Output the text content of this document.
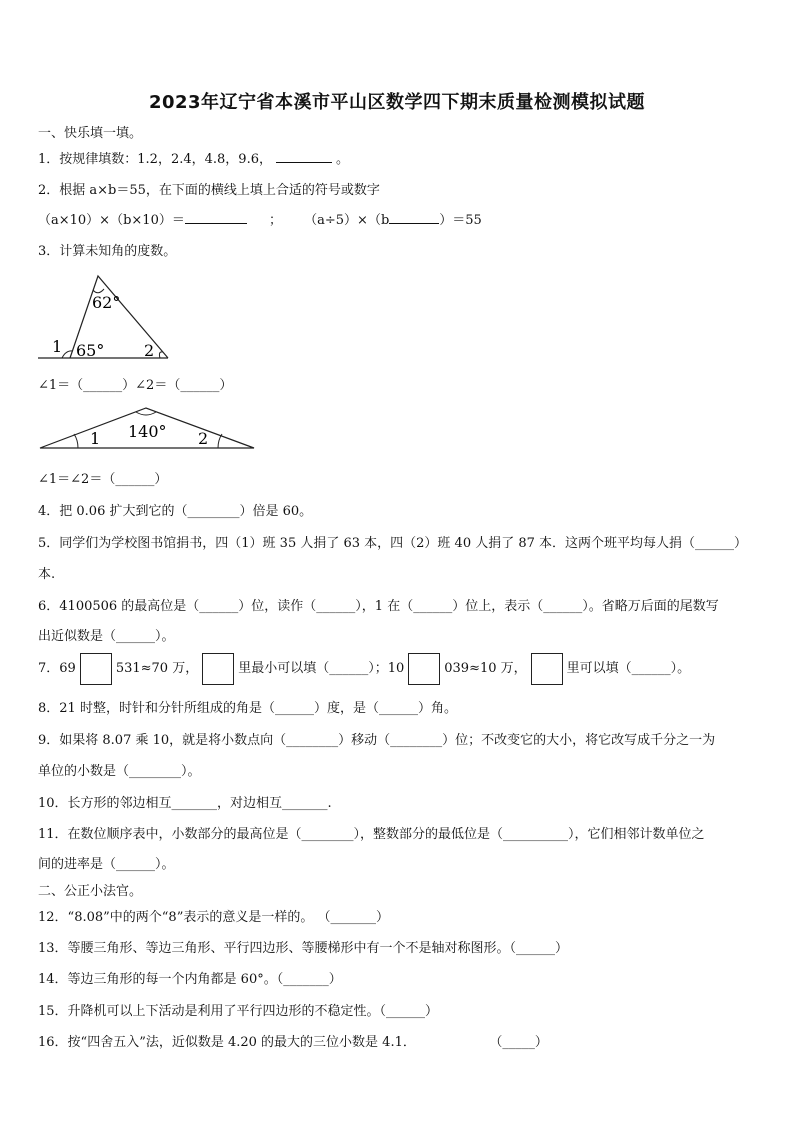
2023年辽宁省本溪市平山区数学四下期末质量检测模拟试题
一、快乐填一填。
1．按规律填数：1.2，2.4，4.8，9.6，	。
2．根据 a×b＝55，在下面的横线上填上合适的符号或数字
（a×10）×（b×10）＝	； （a÷5）×（b	）＝55
3．计算未知角的度数。
62°
1 65° 2
∠1＝（______）∠2＝（______）
140°
1	2
∠1＝∠2＝（______）
4．把 0.06 扩大到它的（________）倍是 60。
5．同学们为学校图书馆捐书，四（1）班 35 人捐了 63 本，四（2）班 40 人捐了 87 本．这两个班平均每人捐（______）
本.
6．4100506 的最高位是（______）位，读作（______），1 在（______）位上，表示（______）。省略万后面的尾数写
出近似数是（______）。
7．69	531≈70 万，	里最小可以填（______）；10	039≈10 万，	里可以填（______）。
8．21 时整，时针和分针所组成的角是（______）度，是（______）角。
9．如果将 8.07 乘 10，就是将小数点向（________）移动（________）位；不改变它的大小，将它改写成千分之一为
单位的小数是（________）。
10．长方形的邻边相互_______，对边相互_______.
11．在数位顺序表中，小数部分的最高位是（________），整数部分的最低位是（__________），它们相邻计数单位之
间的进率是（______）。
二、公正小法官。
12．“8.08”中的两个“8”表示的意义是一样的。 （_______）
13．等腰三角形、等边三角形、平行四边形、等腰梯形中有一个不是轴对称图形。（______）
14．等边三角形的每一个内角都是 60°。（_______）
15．升降机可以上下活动是利用了平行四边形的不稳定性。（______）
16．按“四舍五入”法，近似数是 4.20 的最大的三位小数是 4.1．	（_____）
